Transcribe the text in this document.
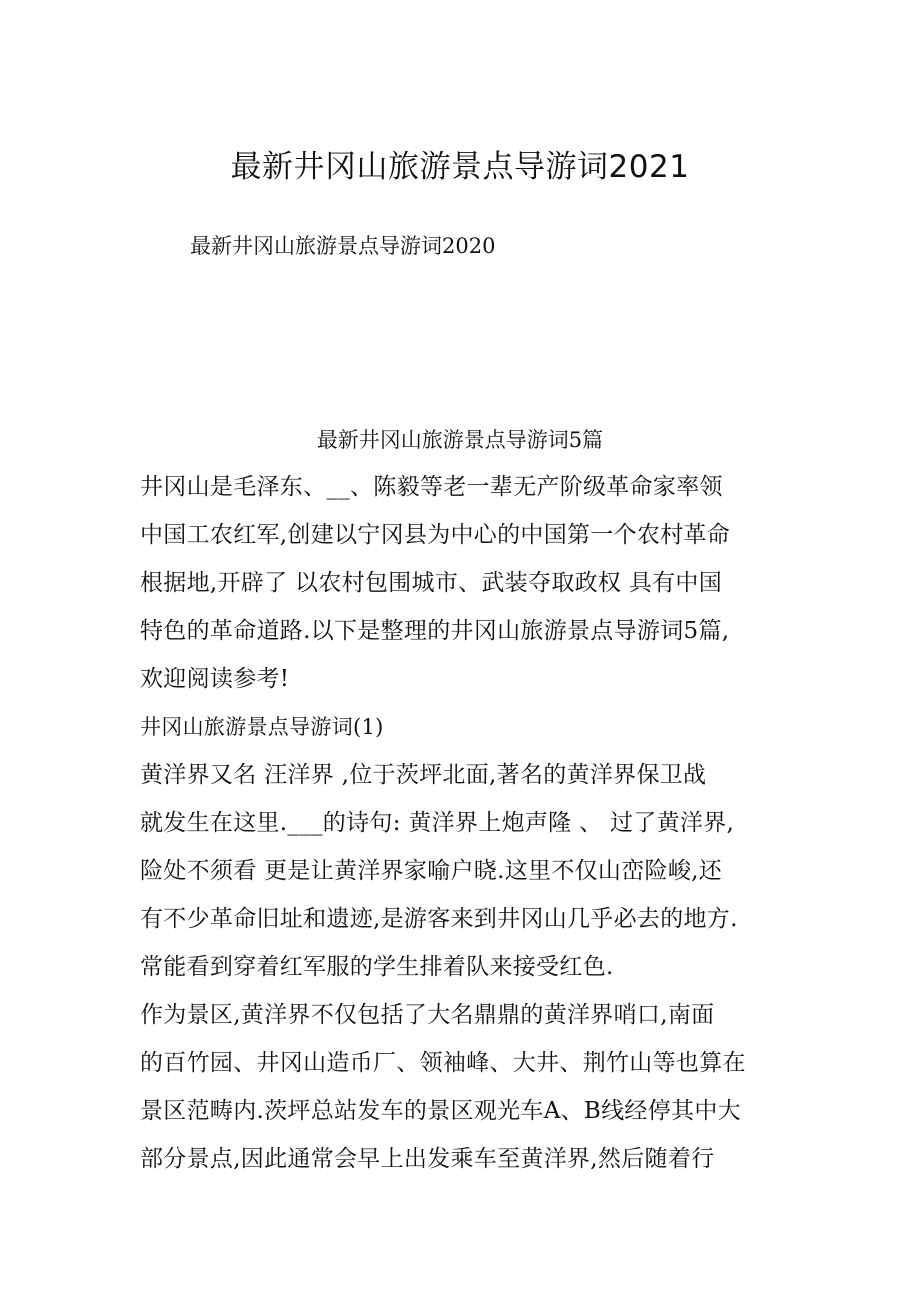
最新井冈山旅游景点导游词2021
最新井冈山旅游景点导游词2020
最新井冈山旅游景点导游词5篇
井冈山是毛泽东、__、陈毅等老一辈无产阶级革命家率领
中国工农红军,创建以宁冈县为中心的中国第一个农村革命
根据地,开辟了 以农村包围城市、武装夺取政权 具有中国
特色的革命道路.以下是整理的井冈山旅游景点导游词5篇,
欢迎阅读参考!
井冈山旅游景点导游词(1)
黄洋界又名 汪洋界 ,位于茨坪北面,著名的黄洋界保卫战
就发生在这里.___的诗句: 黄洋界上炮声隆 、 过了黄洋界,
险处不须看 更是让黄洋界家喻户晓.这里不仅山峦险峻,还
有不少革命旧址和遗迹,是游客来到井冈山几乎必去的地方.
常能看到穿着红军服的学生排着队来接受红色.
作为景区,黄洋界不仅包括了大名鼎鼎的黄洋界哨口,南面
的百竹园、井冈山造币厂、领袖峰、大井、荆竹山等也算在
景区范畴内.茨坪总站发车的景区观光车A、B线经停其中大
部分景点,因此通常会早上出发乘车至黄洋界,然后随着行
